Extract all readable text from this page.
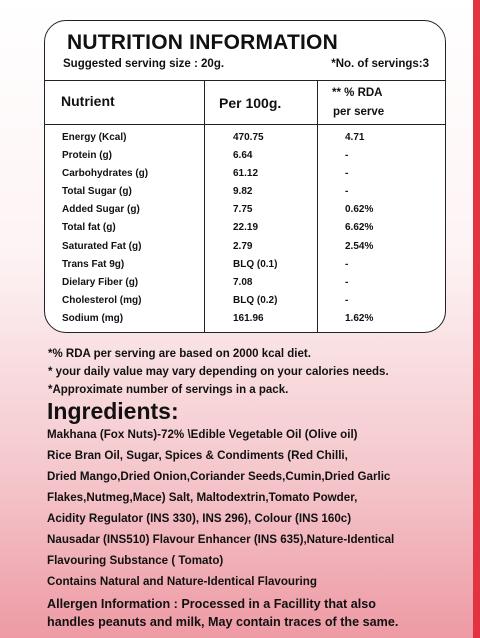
NUTRITION INFORMATION
Suggested serving size : 20g.	*No. of servings:3
Nutrient	Per 100g.
** % RDA
per serve
Energy (Kcal)	470.75	4.71
Protein (g)	6.64	-
Carbohydrates (g)	61.12	-
Total Sugar (g)	9.82	-
Added Sugar (g)	7.75	0.62%
Total fat (g)	22.19	6.62%
Saturated Fat (g)	2.79	2.54%
Trans Fat 9g)	BLQ (0.1)	-
Dielary Fiber (g)	7.08	-
Cholesterol (mg)	BLQ (0.2)	-
Sodium (mg)	161.96	1.62%
*% RDA per serving are based on 2000 kcal diet.
* your daily value may vary depending on your calories needs.
*Approximate number of servings in a pack.
Ingredients:
Makhana (Fox Nuts)-72% \Edible Vegetable Oil (Olive oil)
Rice Bran Oil, Sugar, Spices & Condiments (Red Chilli,
Dried Mango,Dried Onion,Coriander Seeds,Cumin,Dried Garlic
Flakes,Nutmeg,Mace) Salt, Maltodextrin,Tomato Powder,
Acidity Regulator (INS 330), INS 296), Colour (INS 160c)
Nausadar (INS510) Flavour Enhancer (INS 635),Nature-Identical
Flavouring Substance ( Tomato)
Contains Natural and Nature-Identical Flavouring
Allergen Information : Processed in a Facillity that also
handles peanuts and milk, May contain traces of the same.
